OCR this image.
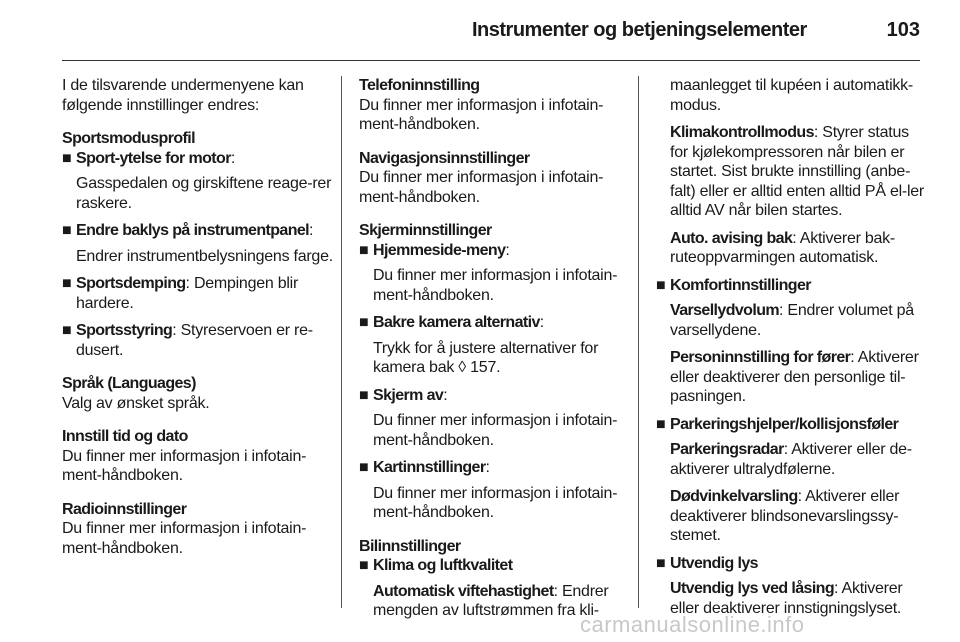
Instrumenter og betjeningselementer	103

I de tilsvarende undermenyene kan følgende innstillinger endres:

Sportsmodusprofil

■ Sport-ytelse for motor:

Gasspedalen og girskiftene reage-rer raskere.

■ Endre baklys på instrumentpanel:

Endrer instrumentbelysningens farge.

■ Sportsdemping: Dempingen blir hardere.
■ Sportsstyring: Styreservoen er re-dusert.

Språk (Languages)

Valg av ønsket språk.

Innstill tid og dato

Du finner mer informasjon i infotain-ment-håndboken.

Radioinnstillinger

Du finner mer informasjon i infotain-ment-håndboken.

Telefoninnstilling

Du finner mer informasjon i infotain-ment-håndboken.

Navigasjonsinnstillinger

Du finner mer informasjon i infotain-ment-håndboken.

Skjerminnstillinger

■ Hjemmeside-meny:

Du finner mer informasjon i infotain-ment-håndboken.

■ Bakre kamera alternativ:

Trykk for å justere alternativer for kamera bak ◊ 157.

■ Skjerm av:

Du finner mer informasjon i infotain-ment-håndboken.

■ Kartinnstillinger:

Du finner mer informasjon i infotain-ment-håndboken.

Bilinnstillinger

■ Klima og luftkvalitet

Automatisk viftehastighet: Endrer mengden av luftstrømmen fra kli-

maanlegget til kupéen i automatikk-modus.

Klimakontrollmodus: Styrer status for kjølekompressoren når bilen er startet. Sist brukte innstilling (anbe-falt) eller er alltid enten alltid PÅ el-ler alltid AV når bilen startes.

Auto. avising bak: Aktiverer bak-ruteoppvarmingen automatisk.

■ Komfortinnstillinger

Varsellydvolum: Endrer volumet på varsellydene.

Personinnstilling for fører: Aktiverer eller deaktiverer den personlige til-pasningen.

■ Parkeringshjelper/kollisjonsføler

Parkeringsradar: Aktiverer eller de-aktiverer ultralydfølerne.

Dødvinkelvarsling: Aktiverer eller deaktiverer blindsonevarslingssy-stemet.

■ Utvendig lys

Utvendig lys ved låsing: Aktiverer eller deaktiverer innstigningslyset.

carmanualsonline.info
